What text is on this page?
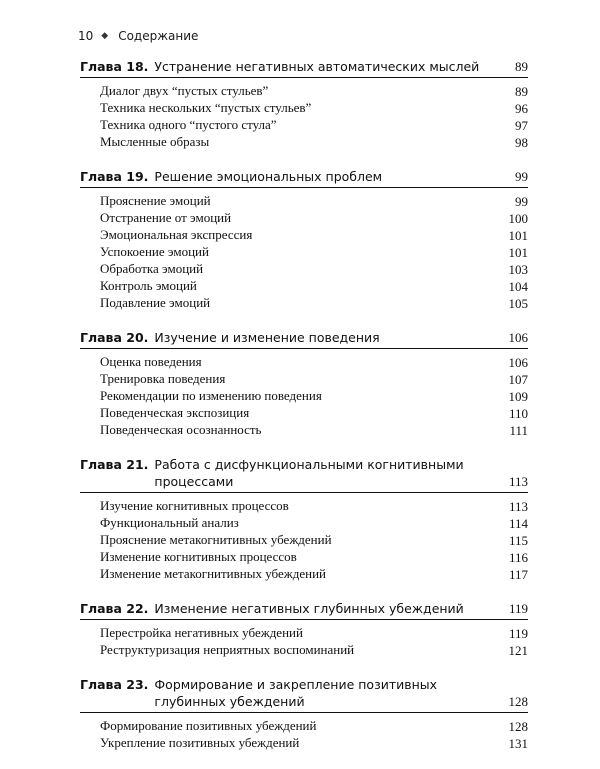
10 ◆ Содержание
Глава 18. Устранение негативных автоматических мыслей	89
Диалог двух “пустых стульев”	89
Техника нескольких “пустых стульев”	96
Техника одного “пустого стула”	97
Мысленные образы	98
Глава 19. Решение эмоциональных проблем	99
Прояснение эмоций	99
Отстранение от эмоций	100
Эмоциональная экспрессия	101
Успокоение эмоций	101
Обработка эмоций	103
Контроль эмоций	104
Подавление эмоций	105
Глава 20. Изучение и изменение поведения	106
Оценка поведения	106
Тренировка поведения	107
Рекомендации по изменению поведения	109
Поведенческая экспозиция	110
Поведенческая осознанность	111
Глава 21. Работа с дисфункциональными когнитивными процессами	113
Изучение когнитивных процессов	113
Функциональный анализ	114
Прояснение метакогнитивных убеждений	115
Изменение когнитивных процессов	116
Изменение метакогнитивных убеждений	117
Глава 22. Изменение негативных глубинных убеждений	119
Перестройка негативных убеждений	119
Реструктуризация неприятных воспоминаний	121
Глава 23. Формирование и закрепление позитивных глубинных убеждений	128
Формирование позитивных убеждений	128
Укрепление позитивных убеждений	131
